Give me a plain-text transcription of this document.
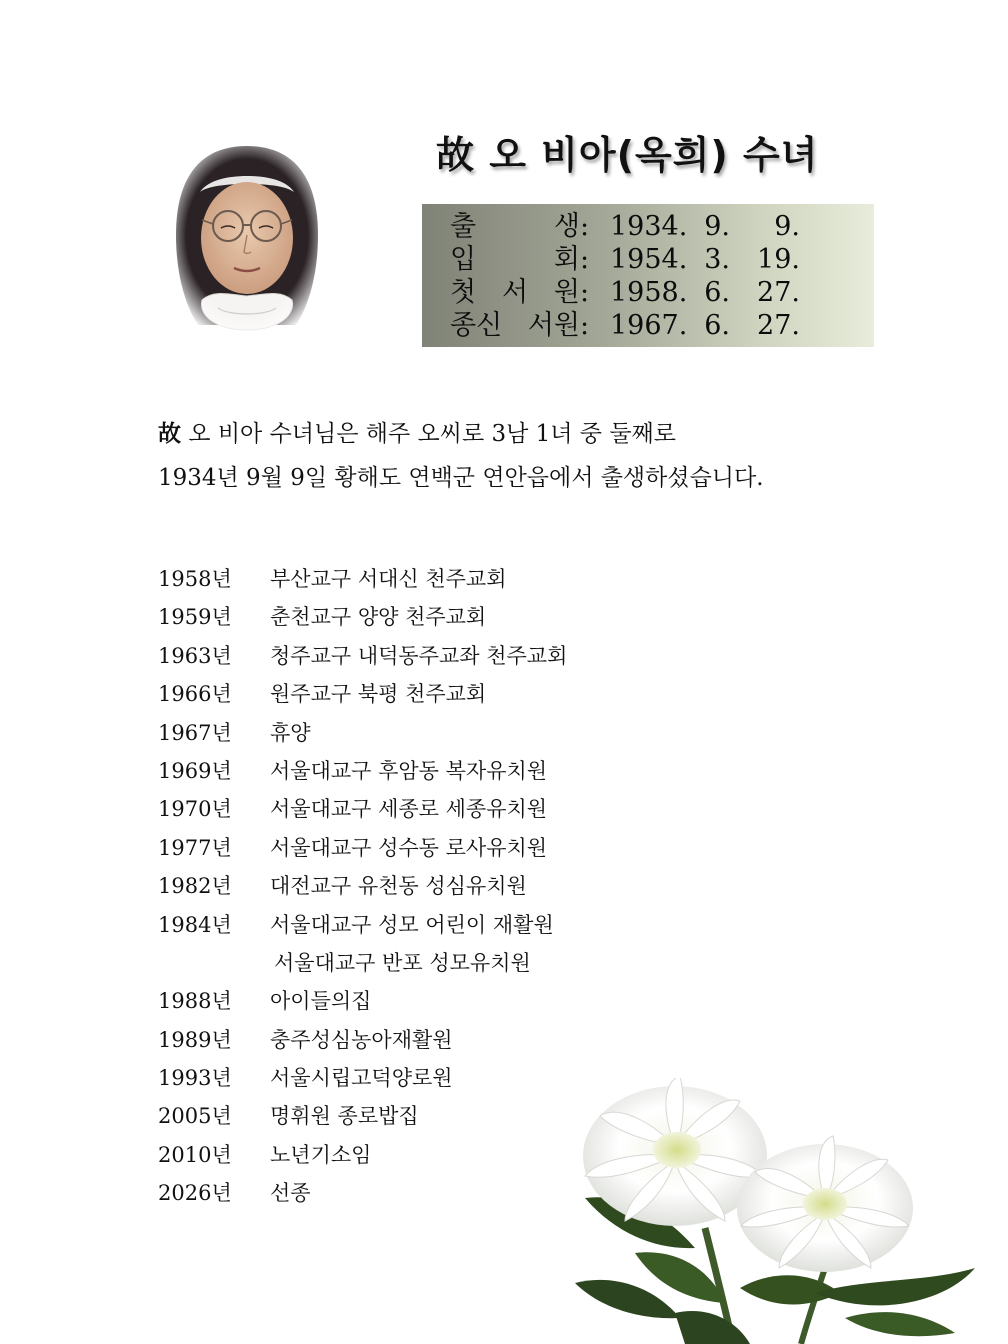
故 오 비아(옥희) 수녀
출 생 : 1934. 9.	9.
입 회 : 1954. 3. 19.
첫 서 원 : 1958. 6. 27.
종신 서원 : 1967. 6. 27.
故 오 비아 수녀님은 해주 오씨로 3남 1녀 중 둘째로
1934년 9월 9일 황해도 연백군 연안읍에서 출생하셨습니다.
1958년 부산교구 서대신 천주교회
1959년 춘천교구 양양 천주교회
1963년 청주교구 내덕동주교좌 천주교회
1966년 원주교구 북평 천주교회
1967년 휴양
1969년 서울대교구 후암동 복자유치원
1970년 서울대교구 세종로 세종유치원
1977년 서울대교구 성수동 로사유치원
1982년 대전교구 유천동 성심유치원
1984년 서울대교구 성모 어린이 재활원
서울대교구 반포 성모유치원
1988년 아이들의집
1989년 충주성심농아재활원
1993년 서울시립고덕양로원
2005년 명휘원 종로밥집
2010년 노년기소임
2026년 선종
